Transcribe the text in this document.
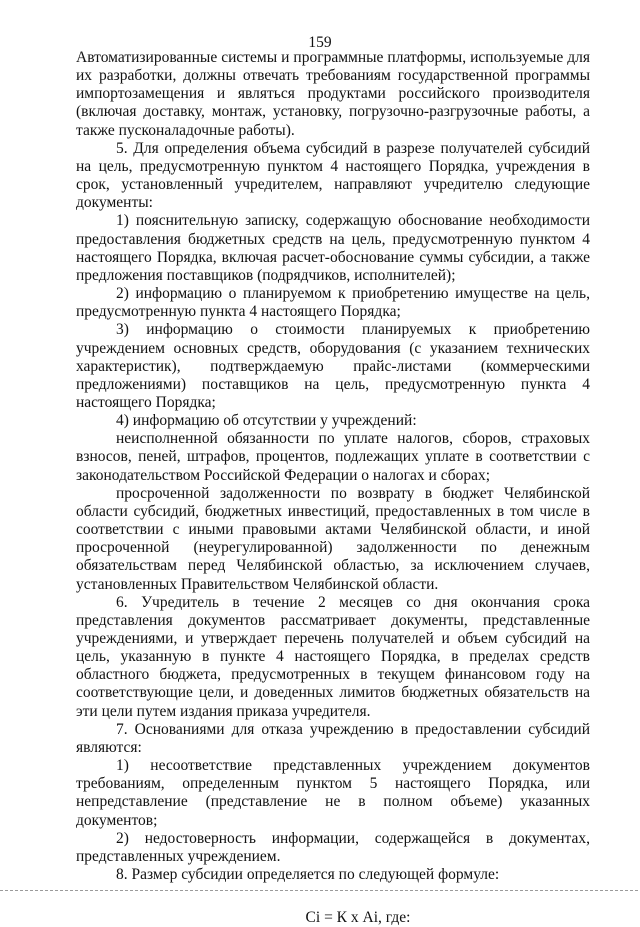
159

Автоматизированные системы и программные платформы, используемые для их разработки, должны отвечать требованиям государственной программы импортозамещения и являться продуктами российского производителя (включая доставку, монтаж, установку, погрузочно-разгрузочные работы, а также пусконаладочные работы).

5. Для определения объема субсидий в разрезе получателей субсидий на цель, предусмотренную пунктом 4 настоящего Порядка, учреждения в срок, установленный учредителем, направляют учредителю следующие документы:

1) пояснительную записку, содержащую обоснование необходимости предоставления бюджетных средств на цель, предусмотренную пунктом 4 настоящего Порядка, включая расчет-обоснование суммы субсидии, а также предложения поставщиков (подрядчиков, исполнителей);

2) информацию о планируемом к приобретению имуществе на цель, предусмотренную пункта 4 настоящего Порядка;

3) информацию о стоимости планируемых к приобретению учреждением основных средств, оборудования (с указанием технических характеристик), подтверждаемую прайс-листами (коммерческими предложениями) поставщиков на цель, предусмотренную пункта 4 настоящего Порядка;

4) информацию об отсутствии у учреждений:

неисполненной обязанности по уплате налогов, сборов, страховых взносов, пеней, штрафов, процентов, подлежащих уплате в соответствии с законодательством Российской Федерации о налогах и сборах;

просроченной задолженности по возврату в бюджет Челябинской области субсидий, бюджетных инвестиций, предоставленных в том числе в соответствии с иными правовыми актами Челябинской области, и иной просроченной (неурегулированной) задолженности по денежным обязательствам перед Челябинской областью, за исключением случаев, установленных Правительством Челябинской области.

6. Учредитель в течение 2 месяцев со дня окончания срока представления документов рассматривает документы, представленные учреждениями, и утверждает перечень получателей и объем субсидий на цель, указанную в пункте 4 настоящего Порядка, в пределах средств областного бюджета, предусмотренных в текущем финансовом году на соответствующие цели, и доведенных лимитов бюджетных обязательств на эти цели путем издания приказа учредителя.

7. Основаниями для отказа учреждению в предоставлении субсидий являются:

1) несоответствие представленных учреждением документов требованиям, определенным пунктом 5 настоящего Порядка, или непредставление (представление не в полном объеме) указанных документов;

2) недостоверность информации, содержащейся в документах, представленных учреждением.

8. Размер субсидии определяется по следующей формуле:

Ci = К х Ai, где:
